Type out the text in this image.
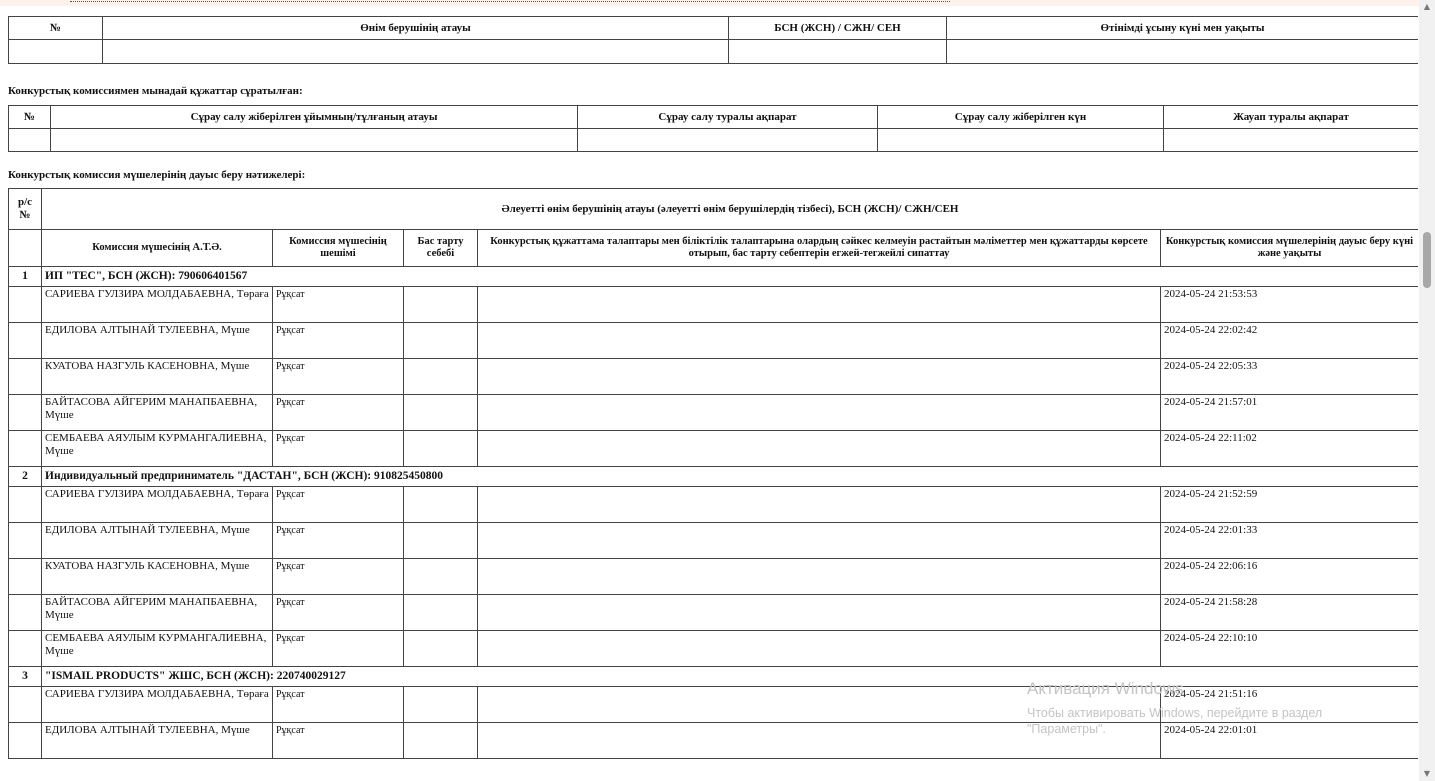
№	Өнім берушінің атауы	БСН (ЖСН) / СЖН/ СЕН	Өтінімді ұсыну күні мен уақыты

Конкурстық комиссиямен мынадай құжаттар сұратылған:
№	Сұрау салу жіберілген ұйымның/тұлғаның атауы	Сұрау салу туралы ақпарат	Сұрау салу жіберілген күн	Жауап туралы ақпарат

Конкурстық комиссия мүшелерінің дауыс беру нәтижелері:
р/с №	Әлеуетті өнім берушінің атауы (әлеуетті өнім берушілердің тізбесі), БСН (ЖСН)/ СЖН/СЕН				
	Комиссия мүшесінің А.Т.Ә.	Комиссия мүшесінің шешімі	Бас тарту себебі	Конкурстық құжаттама талаптары мен біліктілік талаптарына олардың сәйкес келмеуін растайтын мәліметтер мен құжаттарды көрсете отырып, бас тарту себептерін егжей-тегжейлі сипаттау	Конкурстық комиссия мүшелерінің дауыс беру күні және уақыты
1	ИП "ТЕС", БСН (ЖСН): 790606401567				
	САРИЕВА ГУЛЗИРА МОЛДАБАЕВНА, Төраға	Рұқсат			2024-05-24 21:53:53
	ЕДИЛОВА АЛТЫНАЙ ТУЛЕЕВНА, Мүше	Рұқсат			2024-05-24 22:02:42
	КУАТОВА НАЗГУЛЬ КАСЕНОВНА, Мүше	Рұқсат			2024-05-24 22:05:33
	БАЙТАСОВА АЙГЕРИМ МАНАПБАЕВНА, Мүше	Рұқсат			2024-05-24 21:57:01
	СЕМБАЕВА АЯУЛЫМ КУРМАНГАЛИЕВНА, Мүше	Рұқсат			2024-05-24 22:11:02
2	Индивидуальный предприниматель "ДАСТАН", БСН (ЖСН): 910825450800				
	САРИЕВА ГУЛЗИРА МОЛДАБАЕВНА, Төраға	Рұқсат			2024-05-24 21:52:59
	ЕДИЛОВА АЛТЫНАЙ ТУЛЕЕВНА, Мүше	Рұқсат			2024-05-24 22:01:33
	КУАТОВА НАЗГУЛЬ КАСЕНОВНА, Мүше	Рұқсат			2024-05-24 22:06:16
	БАЙТАСОВА АЙГЕРИМ МАНАПБАЕВНА, Мүше	Рұқсат			2024-05-24 21:58:28
	СЕМБАЕВА АЯУЛЫМ КУРМАНГАЛИЕВНА, Мүше	Рұқсат			2024-05-24 22:10:10
3	"ISMAIL PRODUCTS" ЖШС, БСН (ЖСН): 220740029127				
	САРИЕВА ГУЛЗИРА МОЛДАБАЕВНА, Төраға	Рұқсат			2024-05-24 21:51:16
	ЕДИЛОВА АЛТЫНАЙ ТУЛЕЕВНА, Мүше	Рұқсат			2024-05-24 22:01:01
Активация Windows
Чтобы активировать Windows, перейдите в раздел
"Параметры".
▲
▼
